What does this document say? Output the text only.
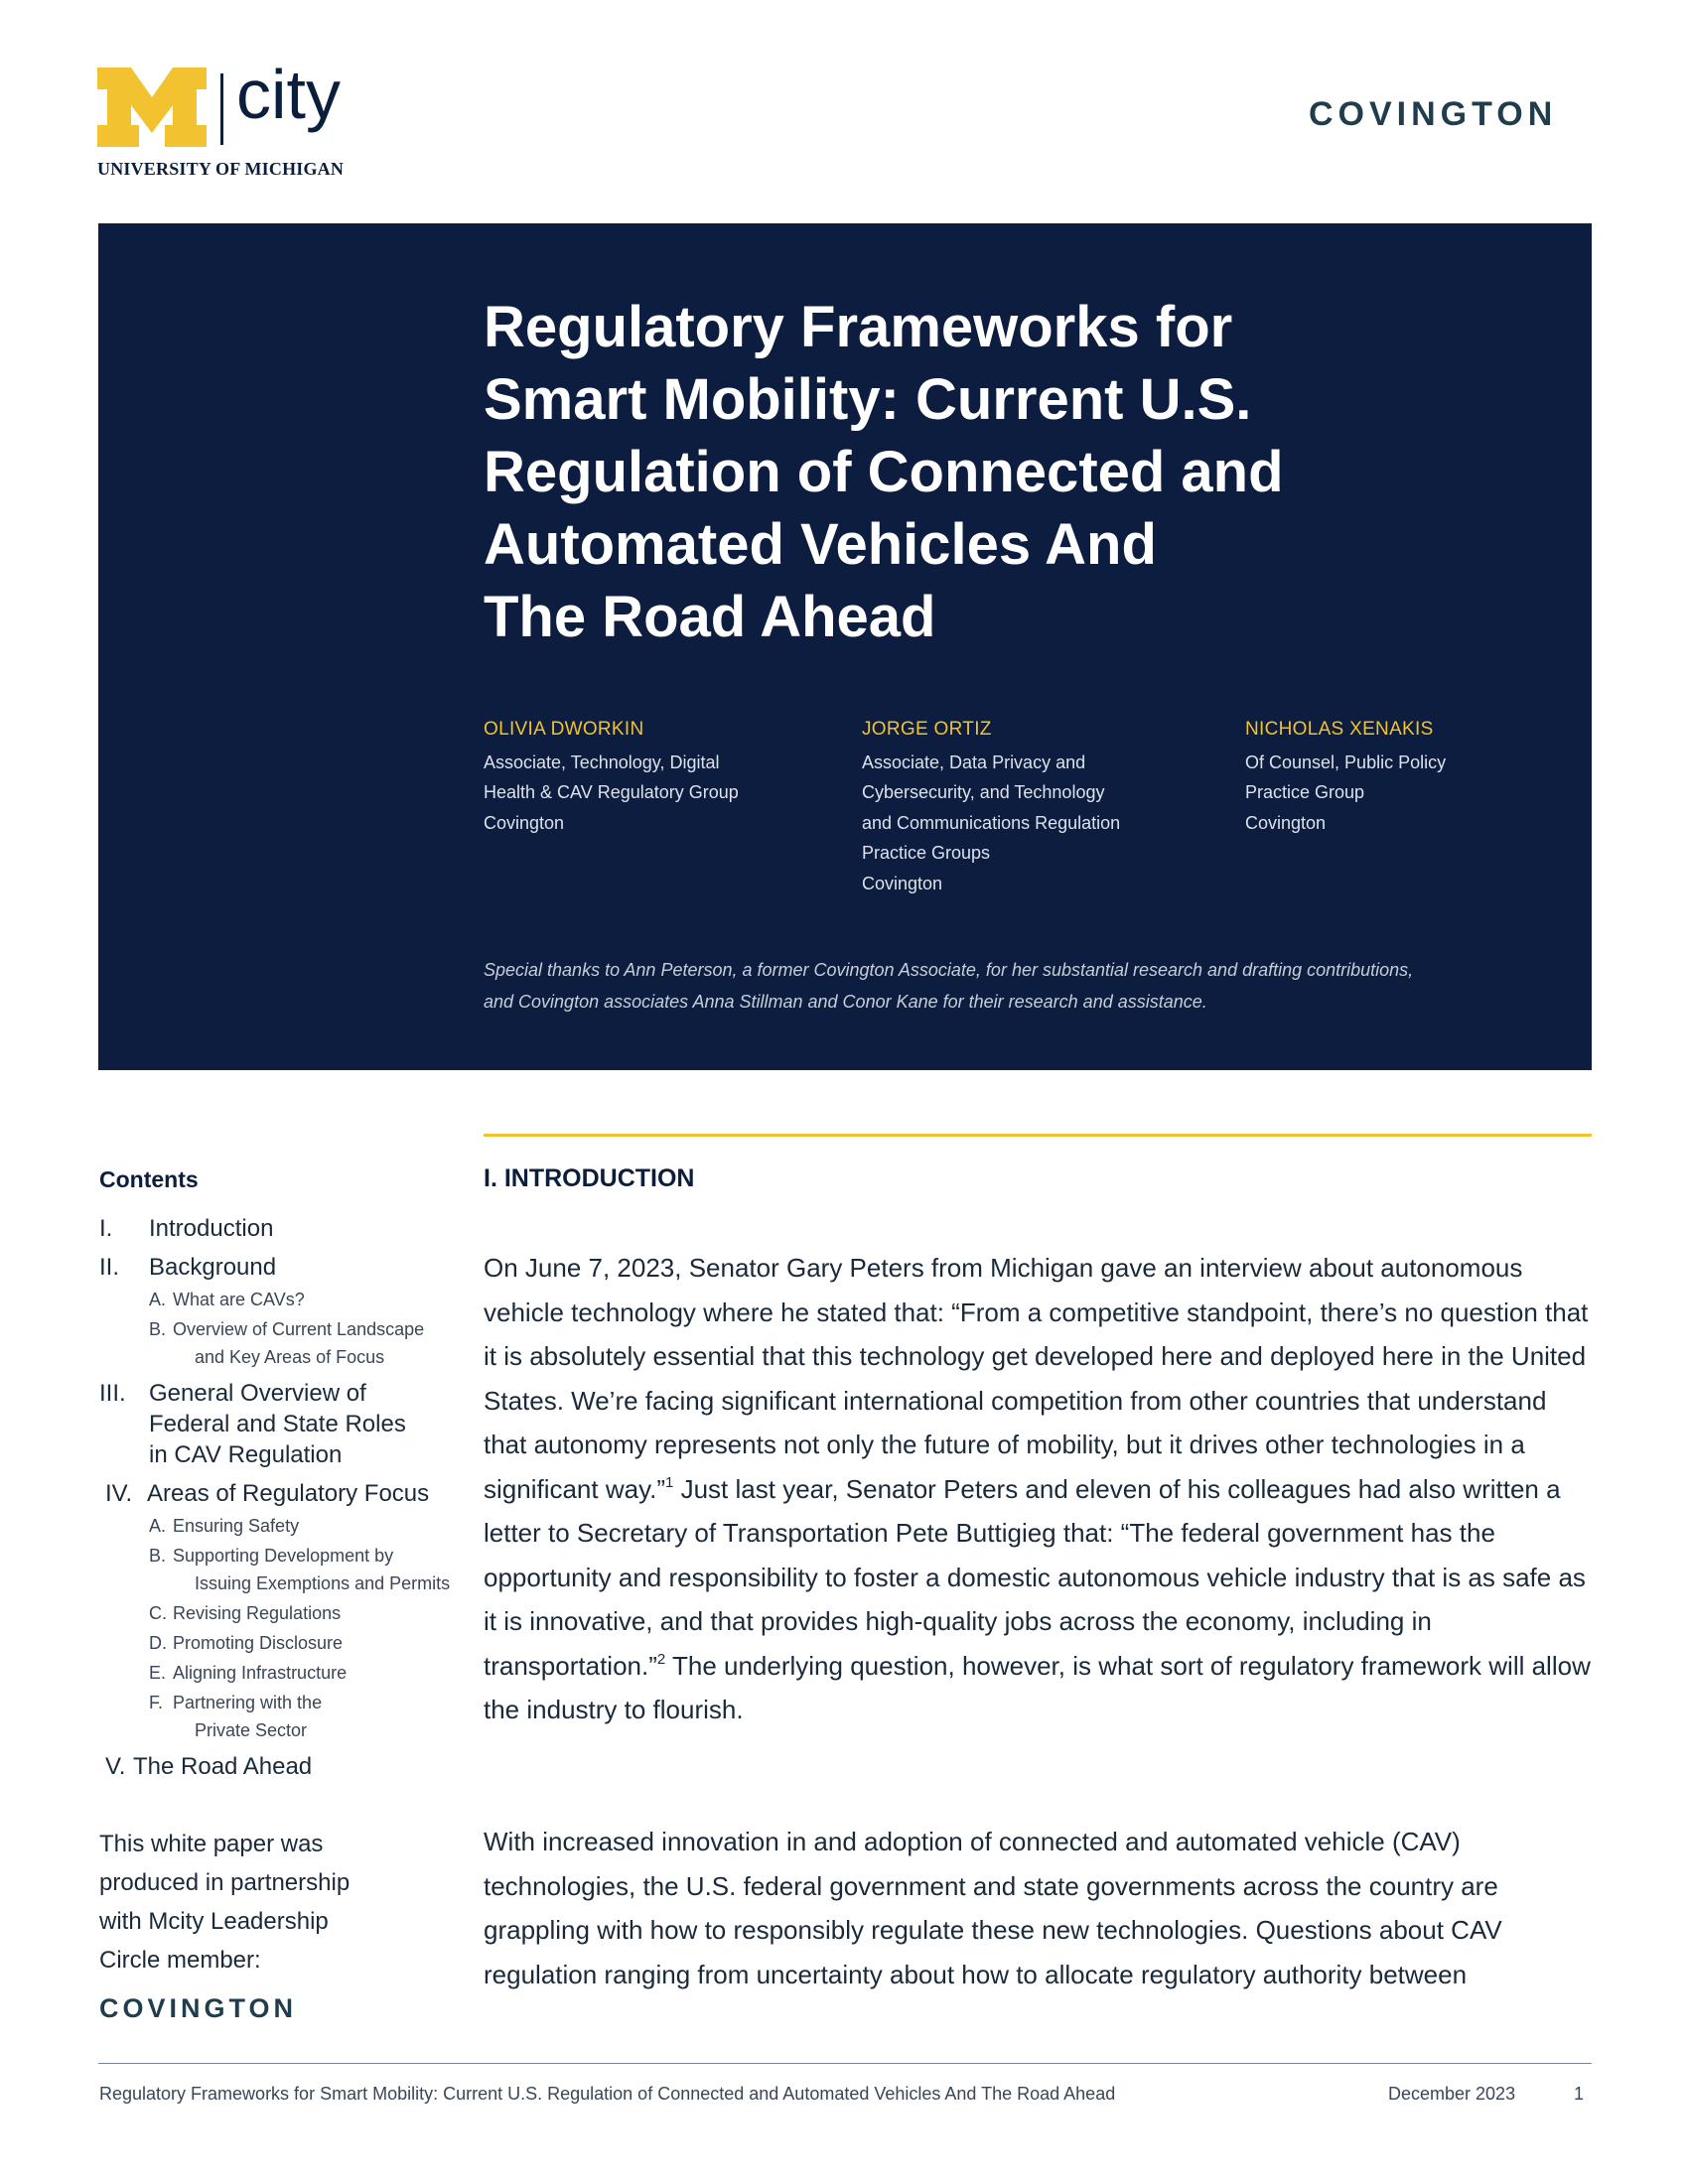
city
UNIVERSITY OF MICHIGAN
COVINGTON
Regulatory Frameworks for
Smart Mobility: Current U.S.
Regulation of Connected and
Automated Vehicles And
The Road Ahead
OLIVIA DWORKIN
Associate, Technology, Digital
Health & CAV Regulatory Group
Covington
JORGE ORTIZ
Associate, Data Privacy and
Cybersecurity, and Technology
and Communications Regulation
Practice Groups
Covington
NICHOLAS XENAKIS
Of Counsel, Public Policy
Practice Group
Covington
Special thanks to Ann Peterson, a former Covington Associate, for her substantial research and drafting contributions, and Covington associates Anna Stillman and Conor Kane for their research and assistance.
Contents
I. Introduction
II. Background
A. What are CAVs?
B. Overview of Current Landscape
and Key Areas of Focus
III. General Overview of
Federal and State Roles
in CAV Regulation
IV. Areas of Regulatory Focus
A. Ensuring Safety
B. Supporting Development by
Issuing Exemptions and Permits
C. Revising Regulations
D. Promoting Disclosure
E. Aligning Infrastructure
F. Partnering with the
Private Sector
V. The Road Ahead
This white paper was produced in partnership with Mcity Leadership Circle member:
COVINGTON
I. INTRODUCTION
On June 7, 2023, Senator Gary Peters from Michigan gave an interview about autonomous vehicle technology where he stated that: “From a competitive standpoint, there’s no question that it is absolutely essential that this technology get developed here and deployed here in the United States. We’re facing significant international competition from other countries that understand that autonomy represents not only the future of mobility, but it drives other technologies in a significant way.”$^1$ Just last year, Senator Peters and eleven of his colleagues had also written a letter to Secretary of Transportation Pete Buttigieg that: “The federal government has the opportunity and responsibility to foster a domestic autonomous vehicle industry that is as safe as it is innovative, and that provides high-quality jobs across the economy, including in transportation.”$^2$ The underlying question, however, is what sort of regulatory framework will allow the industry to flourish.
With increased innovation in and adoption of connected and automated vehicle (CAV) technologies, the U.S. federal government and state governments across the country are grappling with how to responsibly regulate these new technologies. Questions about CAV regulation ranging from uncertainty about how to allocate regulatory authority between
Regulatory Frameworks for Smart Mobility: Current U.S. Regulation of Connected and Automated Vehicles And The Road Ahead	December 2023	1
